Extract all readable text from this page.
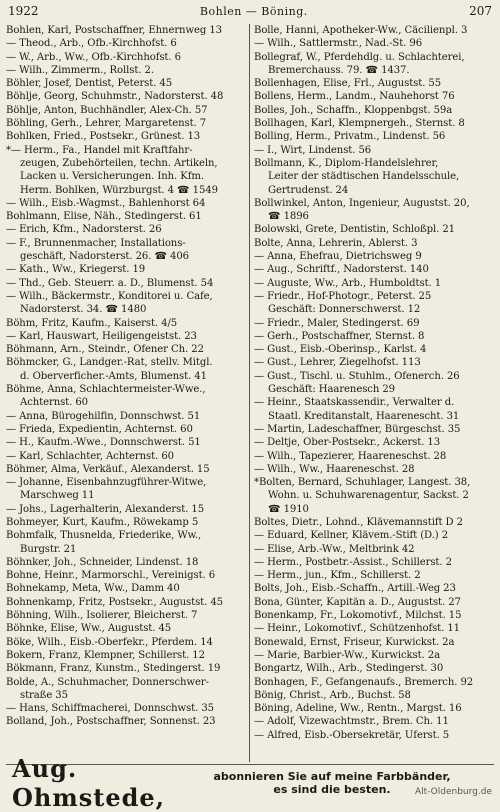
1922	Bohlen — Böning.	207
Bohlen, Karl, Postschaffner, Ehnernweg 13
— Theod., Arb., Ofb.-Kirchhofst. 6
— W., Arb., Ww., Ofb.-Kirchhofst. 6
— Wilh., Zimmerm., Rollst. 2.
Böhler, Josef, Dentist, Peterst. 45
Böhlje, Georg, Schuhmstr., Nadorsterst. 48
Böhlje, Anton, Buchhändler, Alex-Ch. 57
Böhling, Gerh., Lehrer, Margaretenst. 7
Bohlken, Fried., Postsekr., Grünest. 13
*— Herm., Fa., Handel mit Kraftfahr-
zeugen, Zubehörteilen, techn. Artikeln,
Lacken u. Versicherungen. Inh. Kfm.
Herm. Bohlken, Würzburgst. 4 ☎ 1549
— Wilh., Eisb.-Wagmst., Bahlenhorst 64
Bohlmann, Elise, Näh., Stedingerst. 61
— Erich, Kfm., Nadorsterst. 26
— F., Brunnenmacher, Installations-
geschäft, Nadorsterst. 26. ☎ 406
— Kath., Ww., Kriegerst. 19
— Thd., Geb. Steuerr. a. D., Blumenst. 54
— Wilh., Bäckermstr., Konditorei u. Cafe,
Nadorsterst. 34. ☎ 1480
Böhm, Fritz, Kaufm., Kaiserst. 4/5
— Karl, Hauswart, Heiligengeistst. 23
Böhmann, Arn., Steindr., Ofener Ch. 22
Böhmcker, G., Landger.-Rat, stellv. Mitgl.
d. Oberverficher.-Amts, Blumenst. 41
Böhme, Anna, Schlachtermeister-Wwe.,
Achternst. 60
— Anna, Bürogehilfin, Donnschwst. 51
— Frieda, Expedientin, Achternst. 60
— H., Kaufm.-Wwe., Donnschwerst. 51
— Karl, Schlachter, Achternst. 60
Böhmer, Alma, Verkäuf., Alexanderst. 15
— Johanne, Eisenbahnzugführer-Witwe,
Marschweg 11
— Johs., Lagerhalterin, Alexanderst. 15
Bohmeyer, Kurt, Kaufm., Röwekamp 5
Bohmfalk, Thusnelda, Friederike, Ww.,
Burgstr. 21
Böhnker, Joh., Schneider, Lindenst. 18
Bohne, Heinr., Marmorschl., Vereinigst. 6
Bohnekamp, Meta, Ww., Damm 40
Bohnenkamp, Fritz, Postsekr., Augustst. 45
Böhning, Wilh., Isolierer, Bleicherst. 7
Böhnke, Elise, Ww., Augustst. 45
Böke, Wilh., Eisb.-Oberfekr., Pferdem. 14
Bokern, Franz, Klempner, Schillerst. 12
Bökmann, Franz, Kunstm., Stedingerst. 19
Bolde, A., Schuhmacher, Donnerschwer-
straße 35
— Hans, Schiffmacherei, Donnschwst. 35
Bolland, Joh., Postschaffner, Sonnenst. 23
Bolle, Hanni, Apotheker-Ww., Cäcilienpl. 3
— Wilh., Sattlermstr., Nad.-St. 96
Bollegraf, W., Pferdehdlg. u. Schlachterei,
Bremerchauss. 79. ☎ 1437.
Bollenhagen, Elise, Frl., Augustst. 55
Bollens, Herm., Landm., Nauhehorst 76
Bolles, Joh., Schaffn., Kloppenbgst. 59a
Bollhagen, Karl, Klempnergeh., Sternst. 8
Bolling, Herm., Privatm., Lindenst. 56
— I., Wirt, Lindenst. 56
Bollmann, K., Diplom-Handelslehrer,
Leiter der städtischen Handelsschule,
Gertrudenst. 24
Bollwinkel, Anton, Ingenieur, Augustst. 20,
☎ 1896
Bolowski, Grete, Dentistin, Schloßpl. 21
Bolte, Anna, Lehrerin, Ablerst. 3
— Anna, Ehefrau, Dietrichsweg 9
— Aug., Schriftf., Nadorsterst. 140
— Auguste, Ww., Arb., Humboldtst. 1
— Friedr., Hof-Photogr., Peterst. 25
Geschäft: Donnerschwerst. 12
— Friedr., Maler, Stedingerst. 69
— Gerh., Postschaffner, Sternst. 8
— Gust., Eisb.-Oberinsp., Karlst. 4
— Gust., Lehrer, Ziegelhofst. 113
— Gust., Tischl. u. Stuhlm., Ofenerch. 26
Geschäft: Haarenesch 29
— Heinr., Staatskassendir., Verwalter d.
Staatl. Kreditanstalt, Haarenescht. 31
— Martin, Ladeschaffner, Bürgeschst. 35
— Deltje, Ober-Postsekr., Ackerst. 13
— Wilh., Tapezierer, Haareneschst. 28
— Wilh., Ww., Haareneschst. 28
*Bolten, Bernard, Schuhlager, Langest. 38,
Wohn. u. Schuhwarenagentur, Sackst. 2
☎ 1910
Boltes, Dietr., Lohnd., Klävemannstift D 2
— Eduard, Kellner, Klävem.-Stift (D.) 2
— Elise, Arb.-Ww., Meltbrink 42
— Herm., Postbetr.-Assist., Schillerst. 2
— Herm., jun., Kfm., Schillerst. 2
Bolts, Joh., Eisb.-Schaffn., Artill.-Weg 23
Bona, Günter, Kapitän a. D., Augustst. 27
Bonenkamp, Fr., Lokomotivf., Milchst. 15
— Heinr., Lokomotivf., Schützenhofst. 11
Bonewald, Ernst, Friseur, Kurwickst. 2a
— Marie, Barbier-Ww., Kurwickst. 2a
Bongartz, Wilh., Arb., Stedingerst. 30
Bonhagen, F., Gefangenaufs., Bremerch. 92
Bönig, Christ., Arb., Buchst. 58
Böning, Adeline, Ww., Rentn., Margst. 16
— Adolf, Vizewachtmstr., Brem. Ch. 11
— Alfred, Eisb.-Obersekretär, Uferst. 5
Aug. Ohmstede,
abonnieren Sie auf meine Farbbänder,
es sind die besten.	Alt-Oldenburg.de
